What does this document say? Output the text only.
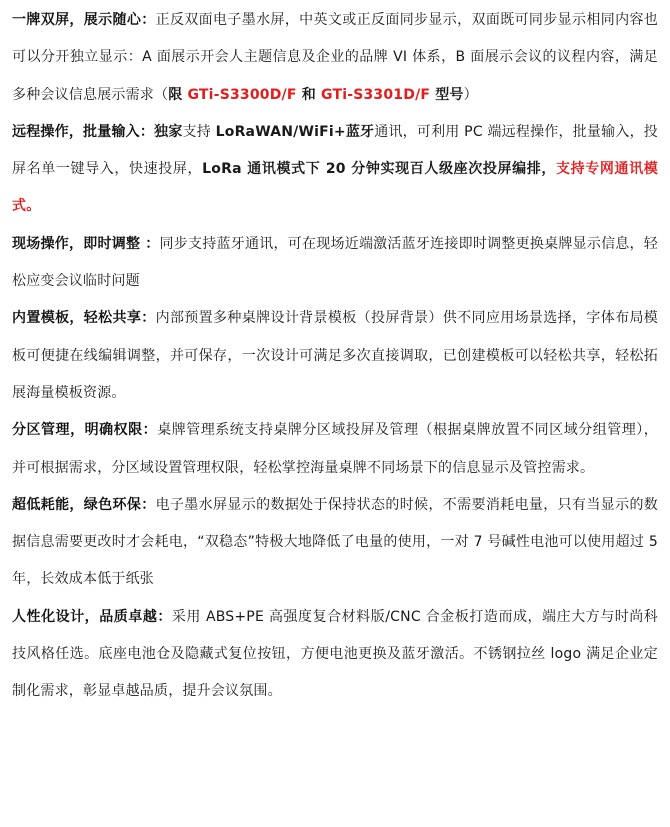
一牌双屏，展示随心：正反双面电子墨水屏，中英文或正反面同步显示，双面既可同步显示相同内容也可以分开独立显示：A 面展示开会人主题信息及企业的品牌 VI 体系，B 面展示会议的议程内容，满足多种会议信息展示需求（限 GTi-S3300D/F 和 GTi-S3301D/F 型号）

远程操作，批量输入：独家支持 LoRaWAN/WiFi+蓝牙通讯，可利用 PC 端远程操作，批量输入，投屏名单一键导入，快速投屏，LoRa 通讯模式下 20 分钟实现百人级座次投屏编排，支持专网通讯模式。

现场操作，即时调整 ：同步支持蓝牙通讯，可在现场近端激活蓝牙连接即时调整更换桌牌显示信息，轻松应变会议临时问题

内置模板，轻松共享：内部预置多种桌牌设计背景模板（投屏背景）供不同应用场景选择，字体布局模板可便捷在线编辑调整，并可保存，一次设计可满足多次直接调取，已创建模板可以轻松共享，轻松拓展海量模板资源。

分区管理，明确权限：桌牌管理系统支持桌牌分区域投屏及管理（根据桌牌放置不同区域分组管理），并可根据需求，分区域设置管理权限，轻松掌控海量桌牌不同场景下的信息显示及管控需求。

超低耗能，绿色环保：电子墨水屏显示的数据处于保持状态的时候，不需要消耗电量，只有当显示的数据信息需要更改时才会耗电，“双稳态”特极大地降低了电量的使用，一对 7 号碱性电池可以使用超过 5 年，长效成本低于纸张

人性化设计，品质卓越：采用 ABS+PE 高强度复合材料版/CNC 合金板打造而成，端庄大方与时尚科技风格任选。底座电池仓及隐藏式复位按钮，方便电池更换及蓝牙激活。不锈钢拉丝 logo 满足企业定制化需求，彰显卓越品质，提升会议氛围。
